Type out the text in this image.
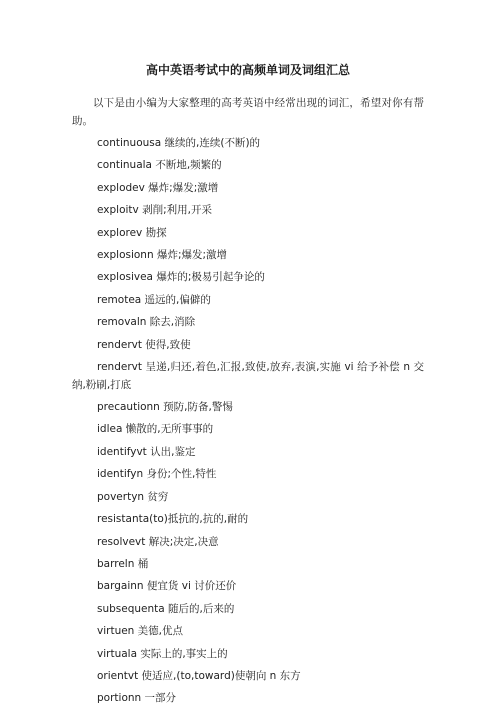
高中英语考试中的高频单词及词组汇总

以下是由小编为大家整理的高考英语中经常出现的词汇，希望对你有帮助。

continuousa 继续的,连续(不断)的
continuala 不断地,频繁的
explodev 爆炸;爆发;激增
exploitv 剥削;利用,开采
explorev 勘探
explosionn 爆炸;爆发;激增
explosivea 爆炸的;极易引起争论的
remotea 遥远的,偏僻的
removaln 除去,消除
rendervt 使得,致使
rendervt 呈递,归还,着色,汇报,致使,放弃,表演,实施 vi 给予补偿 n 交纳,粉刷,打底
precautionn 预防,防备,警惕
idlea 懒散的,无所事事的
identifyvt 认出,鉴定
identifyn 身份;个性,特性
povertyn 贫穷
resistanta(to)抵抗的,抗的,耐的
resolvevt 解决;决定,决意
barreln 桶
bargainn 便宜货 vi 讨价还价
subsequenta 随后的,后来的
virtuen 美德,优点
virtuala 实际上的,事实上的
orientvt 使适应,(to,toward)使朝向 n 东方
portionn 一部分
